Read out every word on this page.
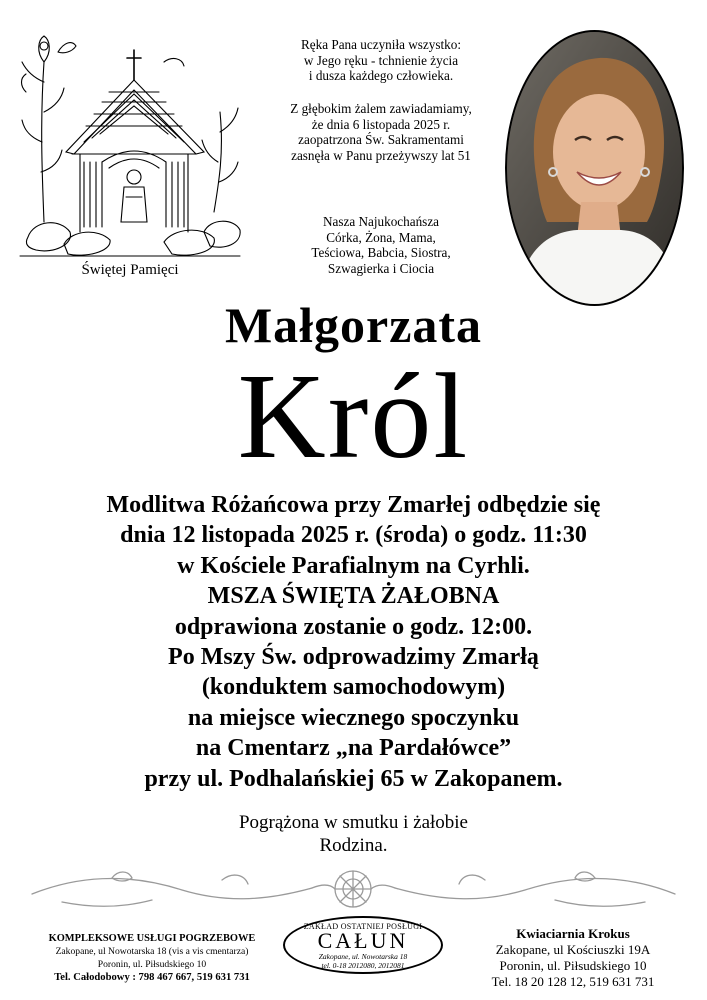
Świętej Pamięci
Ręka Pana uczyniła wszystko:
w Jego ręku - tchnienie życia
i dusza każdego człowieka.
Z głębokim żalem zawiadamiamy,
że dnia 6 listopada 2025 r.
zaopatrzona Św. Sakramentami
zasnęła w Panu przeżywszy lat 51
Nasza Najukochańsza
Córka, Żona, Mama,
Teściowa, Babcia, Siostra,
Szwagierka i Ciocia
Małgorzata
Król
Modlitwa Różańcowa przy Zmarłej odbędzie się
dnia 12 listopada 2025 r. (środa) o godz. 11:30
w Kościele Parafialnym na Cyrhli.
MSZA ŚWIĘTA ŻAŁOBNA
odprawiona zostanie o godz. 12:00.
Po Mszy Św. odprowadzimy Zmarłą
(konduktem samochodowym)
na miejsce wiecznego spoczynku
na Cmentarz „na Pardałówce”
przy ul. Podhalańskiej 65 w Zakopanem.
Pogrążona w smutku i żałobie
Rodzina.
KOMPLEKSOWE USŁUGI POGRZEBOWE
Zakopane, ul Nowotarska 18 (vis a vis cmentarza)
Poronin, ul. Piłsudskiego 10
Tel. Całodobowy : 798 467 667, 519 631 731
ZAKŁAD OSTATNIEJ POSŁUGI
CAŁUN
Zakopane, ul. Nowotarska 18
tel. 0-18 2012080, 2012081
Kwiaciarnia Krokus
Zakopane, ul Kościuszki 19A
Poronin, ul. Piłsudskiego 10
Tel. 18 20 128 12, 519 631 731
